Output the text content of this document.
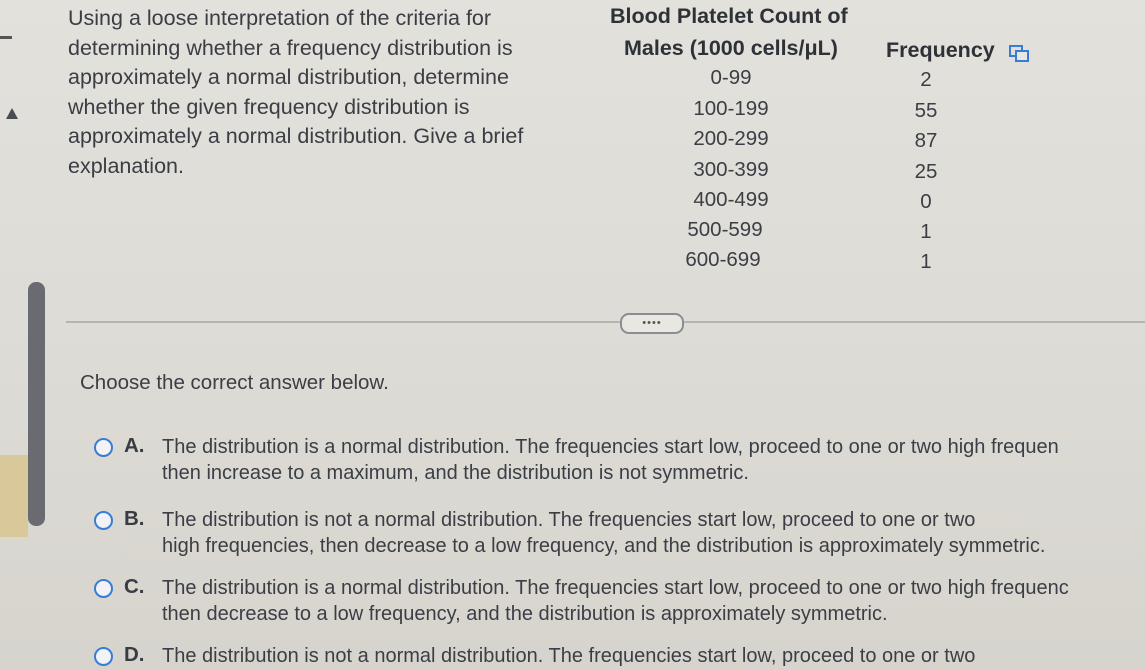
Using a loose interpretation of the criteria for
determining whether a frequency distribution is
approximately a normal distribution, determine
whether the given frequency distribution is
approximately a normal distribution. Give a brief
explanation.
Blood Platelet Count of
Males (1000 cells/μL) Frequency
0-99	2
100-199	55
200-299	87
300-399	25
400-499	0
500-599	1
600-699	1
••••
Choose the correct answer below.
A. The distribution is a normal distribution. The frequencies start low, proceed to one or two high frequen
then increase to a maximum, and the distribution is not symmetric.
B. The distribution is not a normal distribution. The frequencies start low, proceed to one or two
high frequencies, then decrease to a low frequency, and the distribution is approximately symmetric.
C. The distribution is a normal distribution. The frequencies start low, proceed to one or two high frequenc
then decrease to a low frequency, and the distribution is approximately symmetric.
D. The distribution is not a normal distribution. The frequencies start low, proceed to one or two
